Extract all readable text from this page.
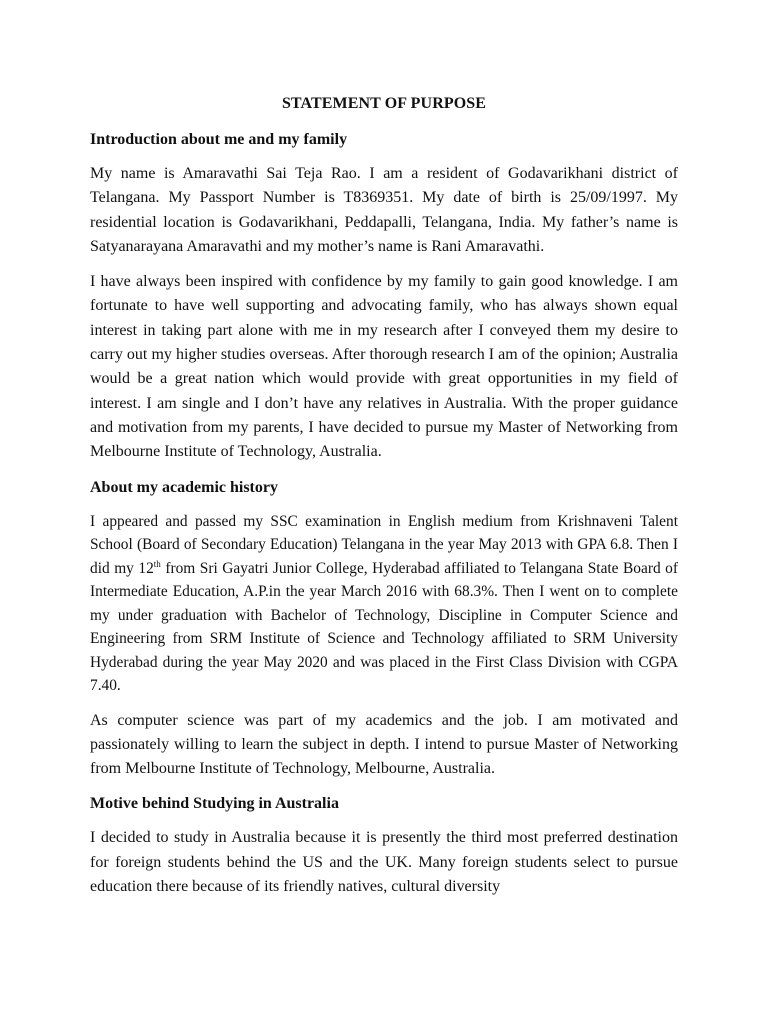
STATEMENT OF PURPOSE
Introduction about me and my family

My name is Amaravathi Sai Teja Rao. I am a resident of Godavarikhani district of Telangana. My Passport Number is T8369351. My date of birth is 25/09/1997. My residential location is Godavarikhani, Peddapalli, Telangana, India. My father’s name is Satyanarayana Amaravathi and my mother’s name is Rani Amaravathi.

I have always been inspired with confidence by my family to gain good knowledge. I am fortunate to have well supporting and advocating family, who has always shown equal interest in taking part alone with me in my research after I conveyed them my desire to carry out my higher studies overseas. After thorough research I am of the opinion; Australia would be a great nation which would provide with great opportunities in my field of interest. I am single and I don’t have any relatives in Australia. With the proper guidance and motivation from my parents, I have decided to pursue my Master of Networking from Melbourne Institute of Technology, Australia.

About my academic history

I appeared and passed my SSC examination in English medium from Krishnaveni Talent School (Board of Secondary Education) Telangana in the year May 2013 with GPA 6.8. Then I did my 12th from Sri Gayatri Junior College, Hyderabad affiliated to Telangana State Board of Intermediate Education, A.P.in the year March 2016 with 68.3%. Then I went on to complete my under graduation with Bachelor of Technology, Discipline in Computer Science and Engineering from SRM Institute of Science and Technology affiliated to SRM University Hyderabad during the year May 2020 and was placed in the First Class Division with CGPA 7.40.

As computer science was part of my academics and the job. I am motivated and passionately willing to learn the subject in depth. I intend to pursue Master of Networking from Melbourne Institute of Technology, Melbourne, Australia.

Motive behind Studying in Australia

I decided to study in Australia because it is presently the third most preferred destination for foreign students behind the US and the UK. Many foreign students select to pursue education there because of its friendly natives, cultural diversity
